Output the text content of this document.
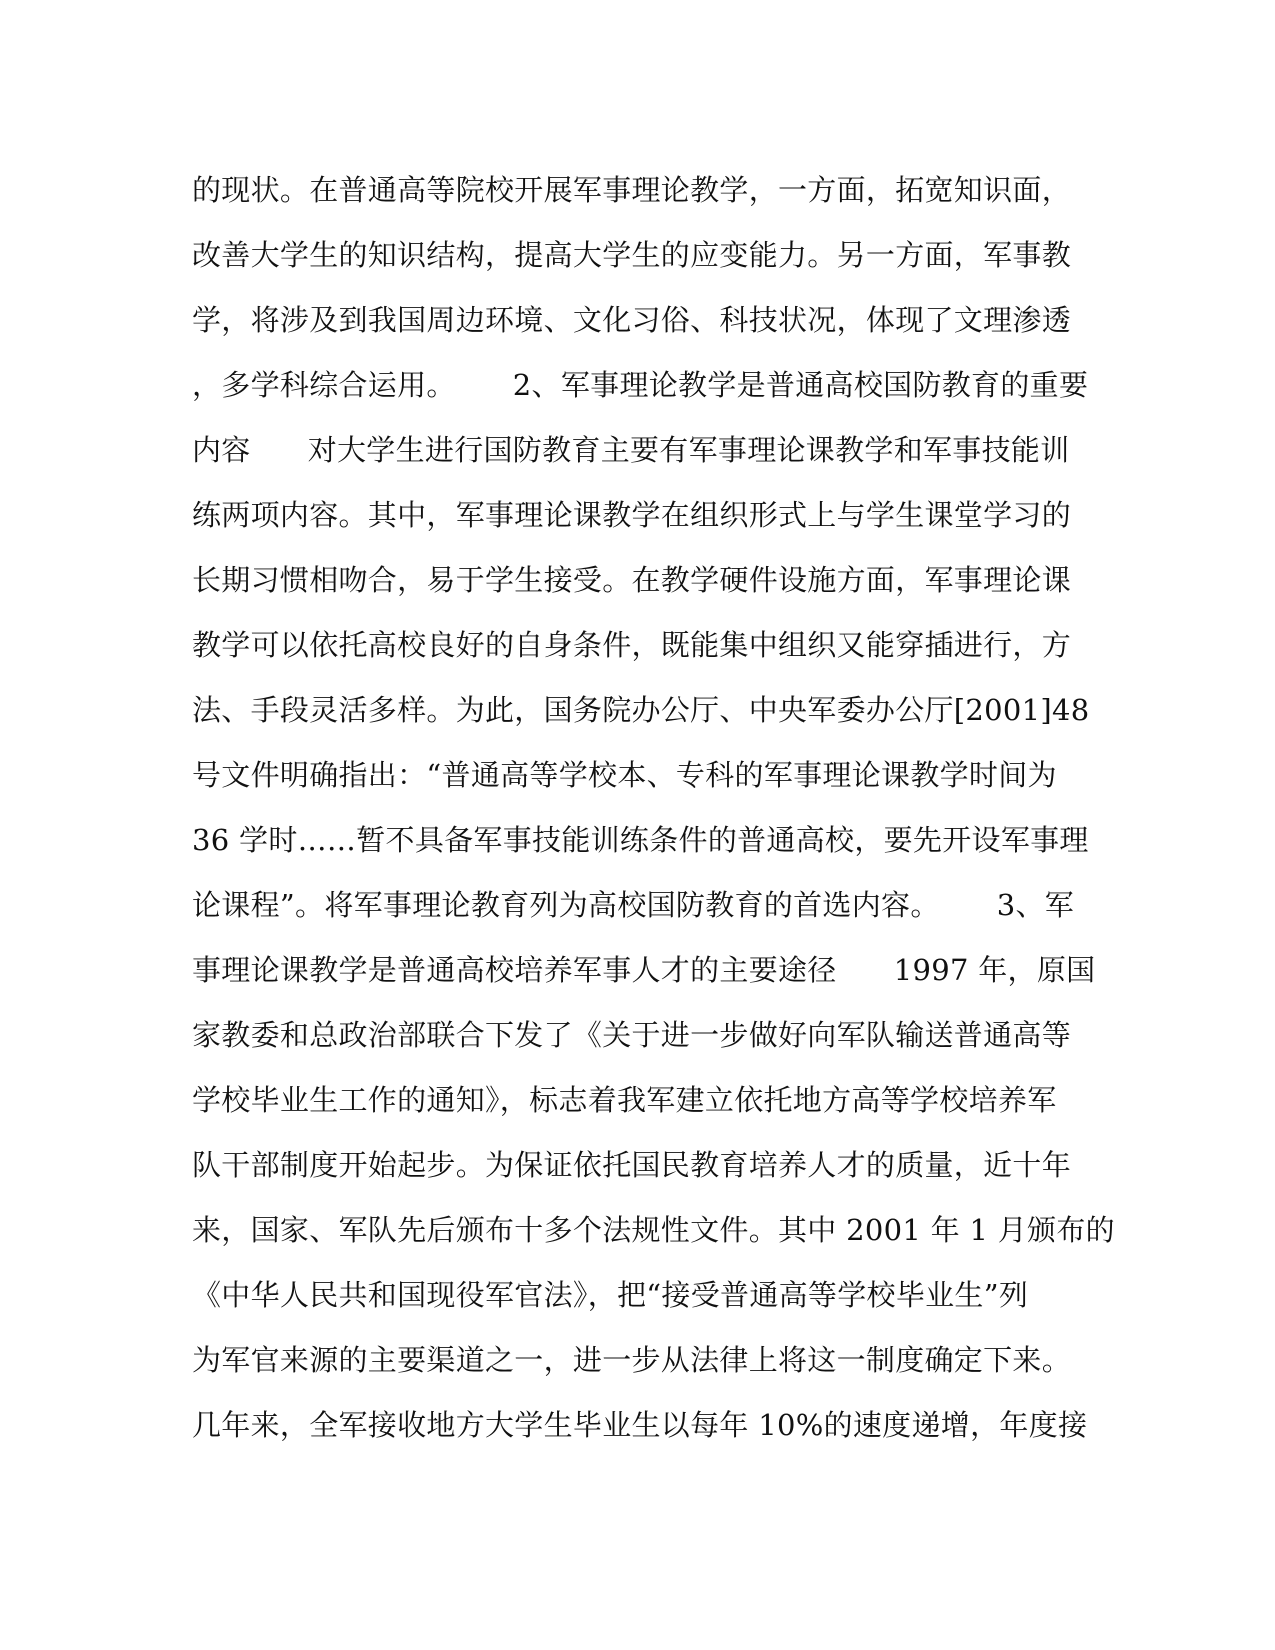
的现状。在普通高等院校开展军事理论教学，一方面，拓宽知识面，
改善大学生的知识结构，提高大学生的应变能力。另一方面，军事教
学，将涉及到我国周边环境、文化习俗、科技状况，体现了文理渗透
，多学科综合运用。      2、军事理论教学是普通高校国防教育的重要
内容      对大学生进行国防教育主要有军事理论课教学和军事技能训
练两项内容。其中，军事理论课教学在组织形式上与学生课堂学习的
长期习惯相吻合，易于学生接受。在教学硬件设施方面，军事理论课
教学可以依托高校良好的自身条件，既能集中组织又能穿插进行，方
法、手段灵活多样。为此，国务院办公厅、中央军委办公厅[2001]48
号文件明确指出：“普通高等学校本、专科的军事理论课教学时间为
36 学时……暂不具备军事技能训练条件的普通高校，要先开设军事理
论课程”。将军事理论教育列为高校国防教育的首选内容。      3、军
事理论课教学是普通高校培养军事人才的主要途径      1997 年，原国
家教委和总政治部联合下发了《关于进一步做好向军队输送普通高等
学校毕业生工作的通知》，标志着我军建立依托地方高等学校培养军
队干部制度开始起步。为保证依托国民教育培养人才的质量，近十年
来，国家、军队先后颁布十多个法规性文件。其中 2001 年 1 月颁布的
《中华人民共和国现役军官法》，把“接受普通高等学校毕业生”列
为军官来源的主要渠道之一，进一步从法律上将这一制度确定下来。
几年来，全军接收地方大学生毕业生以每年 10%的速度递增，年度接
